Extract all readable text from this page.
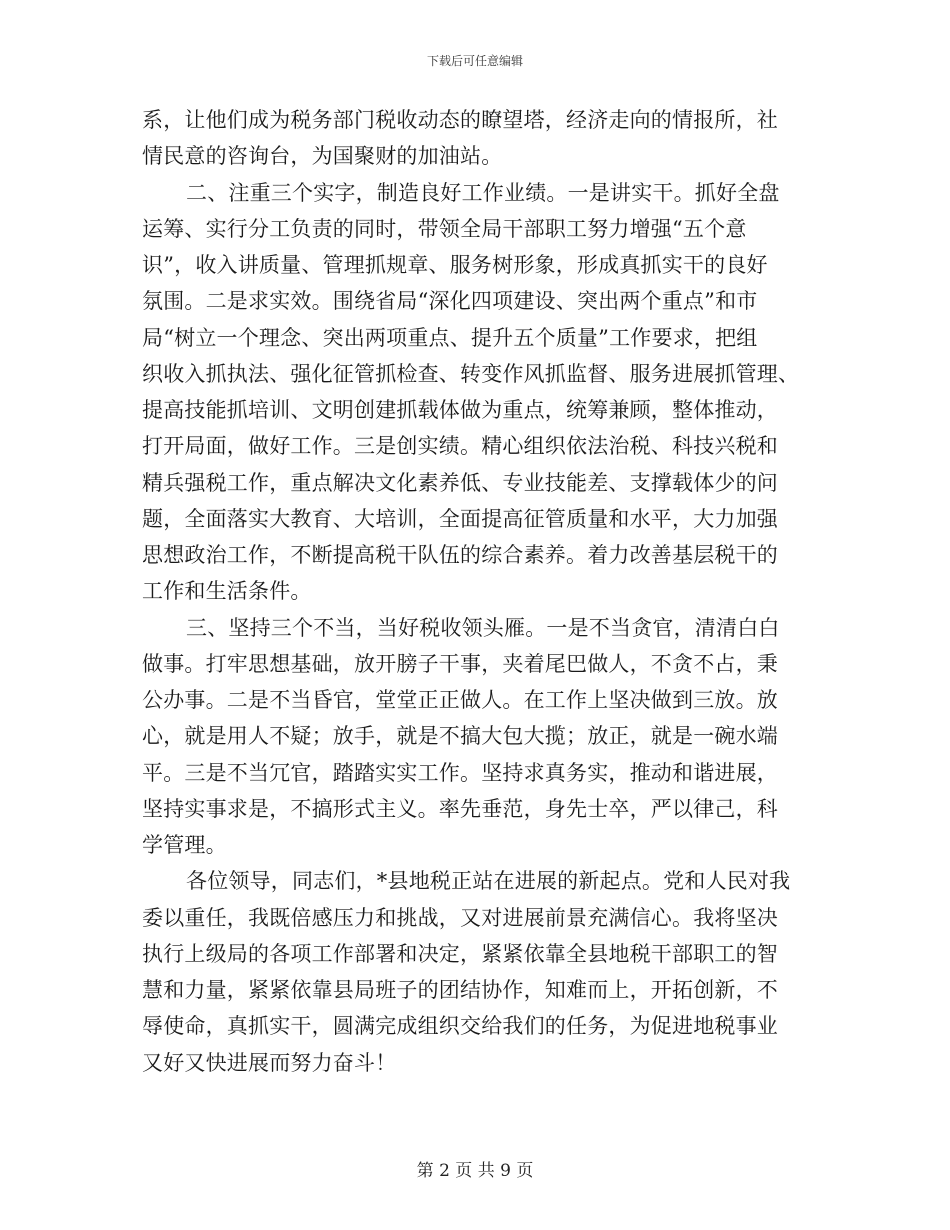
下载后可任意编辑
系，让他们成为税务部门税收动态的瞭望塔，经济走向的情报所，社
情民意的咨询台，为国聚财的加油站。
二、注重三个实字，制造良好工作业绩。一是讲实干。抓好全盘
运筹、实行分工负责的同时，带领全局干部职工努力增强“五个意
识”，收入讲质量、管理抓规章、服务树形象，形成真抓实干的良好
氛围。二是求实效。围绕省局“深化四项建设、突出两个重点”和市
局“树立一个理念、突出两项重点、提升五个质量”工作要求，把组
织收入抓执法、强化征管抓检查、转变作风抓监督、服务进展抓管理、
提高技能抓培训、文明创建抓载体做为重点，统筹兼顾，整体推动，
打开局面，做好工作。三是创实绩。精心组织依法治税、科技兴税和
精兵强税工作，重点解决文化素养低、专业技能差、支撑载体少的问
题，全面落实大教育、大培训，全面提高征管质量和水平，大力加强
思想政治工作，不断提高税干队伍的综合素养。着力改善基层税干的
工作和生活条件。
三、坚持三个不当，当好税收领头雁。一是不当贪官，清清白白
做事。打牢思想基础，放开膀子干事，夹着尾巴做人，不贪不占，秉
公办事。二是不当昏官，堂堂正正做人。在工作上坚决做到三放。放
心，就是用人不疑；放手，就是不搞大包大揽；放正，就是一碗水端
平。三是不当冗官，踏踏实实工作。坚持求真务实，推动和谐进展，
坚持实事求是，不搞形式主义。率先垂范，身先士卒，严以律己，科
学管理。
各位领导，同志们，*县地税正站在进展的新起点。党和人民对我
委以重任，我既倍感压力和挑战，又对进展前景充满信心。我将坚决
执行上级局的各项工作部署和决定，紧紧依靠全县地税干部职工的智
慧和力量，紧紧依靠县局班子的团结协作，知难而上，开拓创新，不
辱使命，真抓实干，圆满完成组织交给我们的任务，为促进地税事业
又好又快进展而努力奋斗！
第 2 页 共 9 页
